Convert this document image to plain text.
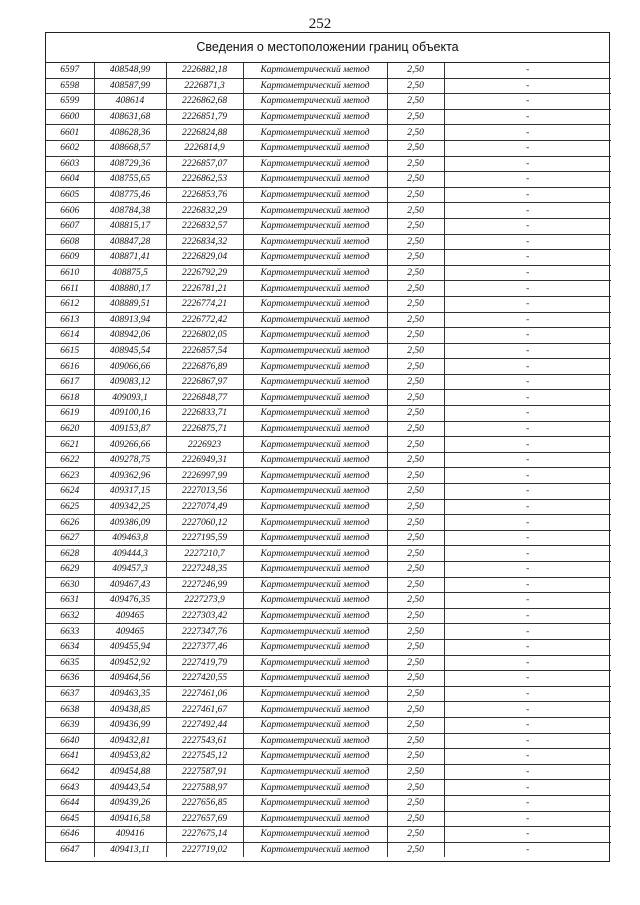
252
Сведения о местоположении границ объекта
6597	408548,99	2226882,18	Картометрический метод	2,50	-
6598	408587,99	2226871,3	Картометрический метод	2,50	-
6599	408614	2226862,68	Картометрический метод	2,50	-
6600	408631,68	2226851,79	Картометрический метод	2,50	-
6601	408628,36	2226824,88	Картометрический метод	2,50	-
6602	408668,57	2226814,9	Картометрический метод	2,50	-
6603	408729,36	2226857,07	Картометрический метод	2,50	-
6604	408755,65	2226862,53	Картометрический метод	2,50	-
6605	408775,46	2226853,76	Картометрический метод	2,50	-
6606	408784,38	2226832,29	Картометрический метод	2,50	-
6607	408815,17	2226832,57	Картометрический метод	2,50	-
6608	408847,28	2226834,32	Картометрический метод	2,50	-
6609	408871,41	2226829,04	Картометрический метод	2,50	-
6610	408875,5	2226792,29	Картометрический метод	2,50	-
6611	408880,17	2226781,21	Картометрический метод	2,50	-
6612	408889,51	2226774,21	Картометрический метод	2,50	-
6613	408913,94	2226772,42	Картометрический метод	2,50	-
6614	408942,06	2226802,05	Картометрический метод	2,50	-
6615	408945,54	2226857,54	Картометрический метод	2,50	-
6616	409066,66	2226876,89	Картометрический метод	2,50	-
6617	409083,12	2226867,97	Картометрический метод	2,50	-
6618	409093,1	2226848,77	Картометрический метод	2,50	-
6619	409100,16	2226833,71	Картометрический метод	2,50	-
6620	409153,87	2226875,71	Картометрический метод	2,50	-
6621	409266,66	2226923	Картометрический метод	2,50	-
6622	409278,75	2226949,31	Картометрический метод	2,50	-
6623	409362,96	2226997,99	Картометрический метод	2,50	-
6624	409317,15	2227013,56	Картометрический метод	2,50	-
6625	409342,25	2227074,49	Картометрический метод	2,50	-
6626	409386,09	2227060,12	Картометрический метод	2,50	-
6627	409463,8	2227195,59	Картометрический метод	2,50	-
6628	409444,3	2227210,7	Картометрический метод	2,50	-
6629	409457,3	2227248,35	Картометрический метод	2,50	-
6630	409467,43	2227246,99	Картометрический метод	2,50	-
6631	409476,35	2227273,9	Картометрический метод	2,50	-
6632	409465	2227303,42	Картометрический метод	2,50	-
6633	409465	2227347,76	Картометрический метод	2,50	-
6634	409455,94	2227377,46	Картометрический метод	2,50	-
6635	409452,92	2227419,79	Картометрический метод	2,50	-
6636	409464,56	2227420,55	Картометрический метод	2,50	-
6637	409463,35	2227461,06	Картометрический метод	2,50	-
6638	409438,85	2227461,67	Картометрический метод	2,50	-
6639	409436,99	2227492,44	Картометрический метод	2,50	-
6640	409432,81	2227543,61	Картометрический метод	2,50	-
6641	409453,82	2227545,12	Картометрический метод	2,50	-
6642	409454,88	2227587,91	Картометрический метод	2,50	-
6643	409443,54	2227588,97	Картометрический метод	2,50	-
6644	409439,26	2227656,85	Картометрический метод	2,50	-
6645	409416,58	2227657,69	Картометрический метод	2,50	-
6646	409416	2227675,14	Картометрический метод	2,50	-
6647	409413,11	2227719,02	Картометрический метод	2,50	-
